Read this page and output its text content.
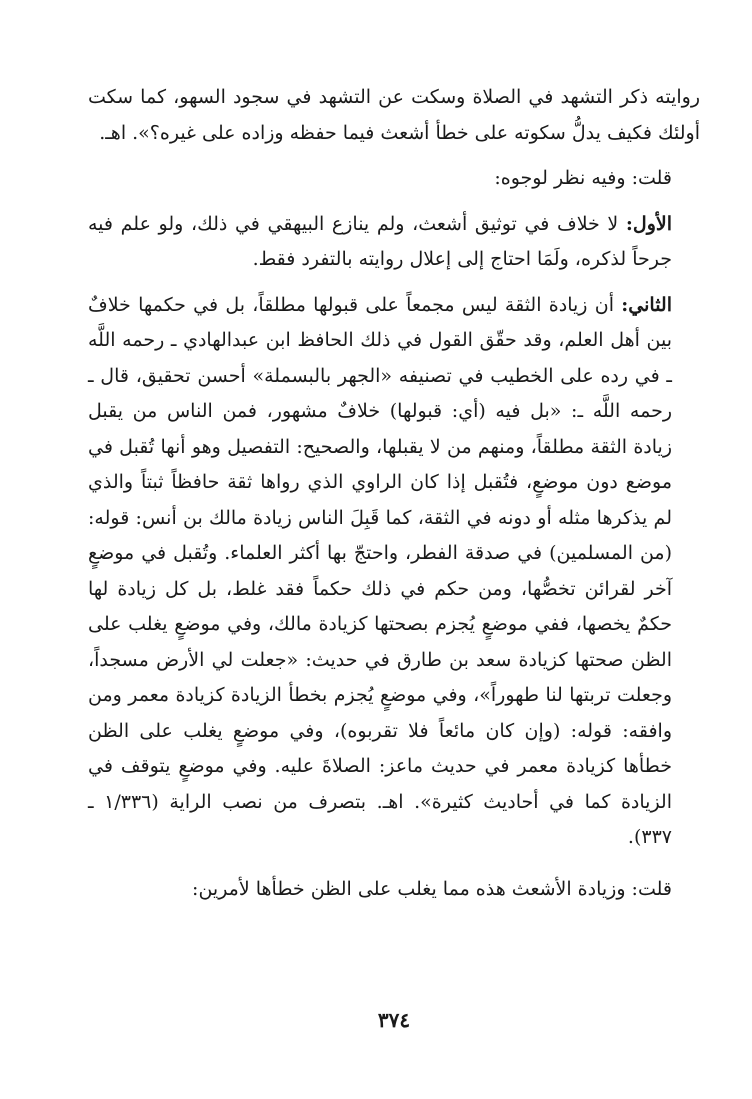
روايته ذكر التشهد في الصلاة وسكت عن التشهد في سجود السهو، كما سكت أولئك فكيف يدلُّ سكوته على خطأ أشعث فيما حفظه وزاده على غيره؟». اهـ.

قلت: وفيه نظر لوجوه:

الأول: لا خلاف في توثيق أشعث، ولم ينازع البيهقي في ذلك، ولو علم فيه جرحاً لذكره، ولَمَا احتاج إلى إعلال روايته بالتفرد فقط.

الثاني: أن زيادة الثقة ليس مجمعاً على قبولها مطلقاً، بل في حكمها خلافٌ بين أهل العلم، وقد حقّق القول في ذلك الحافظ ابن عبدالهادي ـ رحمه اللَّه ـ في رده على الخطيب في تصنيفه «الجهر بالبسملة» أحسن تحقيق، قال ـ رحمه اللَّه ـ: «بل فيه (أي: قبولها) خلافٌ مشهور، فمن الناس من يقبل زيادة الثقة مطلقاً، ومنهم من لا يقبلها، والصحيح: التفصيل وهو أنها تُقبل في موضع دون موضعٍ، فتُقبل إذا كان الراوي الذي رواها ثقة حافظاً ثبتاً والذي لم يذكرها مثله أو دونه في الثقة، كما قَبِلَ الناس زيادة مالك بن أنس: قوله: (من المسلمين) في صدقة الفطر، واحتجّ بها أكثر العلماء. وتُقبل في موضعٍ آخر لقرائن تخصُّها، ومن حكم في ذلك حكماً فقد غلط، بل كل زيادة لها حكمٌ يخصها، ففي موضعٍ يُجزم بصحتها كزيادة مالك، وفي موضعٍ يغلب على الظن صحتها كزيادة سعد بن طارق في حديث: «جعلت لي الأرض مسجداً، وجعلت تربتها لنا طهوراً»، وفي موضعٍ يُجزم بخطأ الزيادة كزيادة معمر ومن وافقه: قوله: (وإن كان مائعاً فلا تقربوه)، وفي موضعٍ يغلب على الظن خطأها كزيادة معمر في حديث ماعز: الصلاةَ عليه. وفي موضعٍ يتوقف في الزيادة كما في أحاديث كثيرة». اهـ. بتصرف من نصب الراية (١/٣٣٦ ـ ٣٣٧).

قلت: وزيادة الأشعث هذه مما يغلب على الظن خطأها لأمرين:

٣٧٤
